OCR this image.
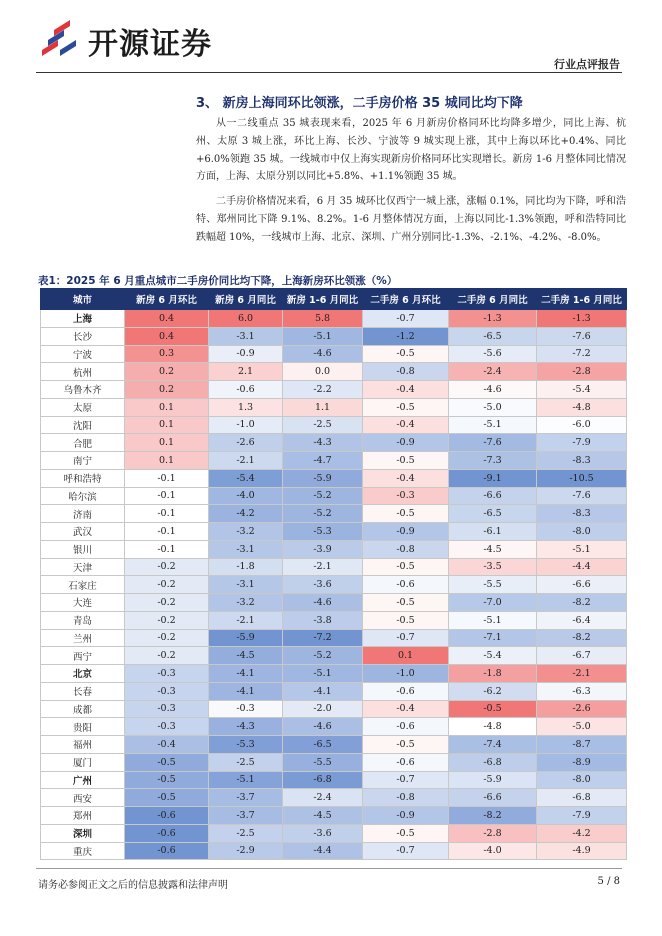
开源证券
行业点评报告
3、 新房上海同环比领涨，二手房价格 35 城同比均下降
从一二线重点 35 城表现来看，2025 年 6 月新房价格同环比均降多增少，同比上海、杭州、太原 3 城上涨，环比上海、长沙、宁波等 9 城实现上涨，其中上海以环比+0.4%、同比+6.0%领跑 35 城。一线城市中仅上海实现新房价格同环比实现增长。新房 1-6 月整体同比情况方面，上海、太原分别以同比+5.8%、+1.1%领跑 35 城。
二手房价格情况来看，6 月 35 城环比仅西宁一城上涨，涨幅 0.1%，同比均为下降，呼和浩特、郑州同比下降 9.1%、8.2%。1-6 月整体情况方面，上海以同比-1.3%领跑，呼和浩特同比跌幅超 10%，一线城市上海、北京、深圳、广州分别同比-1.3%、-2.1%、-4.2%、-8.0%。
表1：2025 年 6 月重点城市二手房价同比均下降，上海新房环比领涨（%）
城市	新房 6 月环比	新房 6 月同比	新房 1-6 月同比	二手房 6 月环比	二手房 6 月同比	二手房 1-6 月同比
上海	0.4	6.0	5.8	-0.7	-1.3	-1.3
长沙	0.4	-3.1	-5.1	-1.2	-6.5	-7.6
宁波	0.3	-0.9	-4.6	-0.5	-5.6	-7.2
杭州	0.2	2.1	0.0	-0.8	-2.4	-2.8
乌鲁木齐	0.2	-0.6	-2.2	-0.4	-4.6	-5.4
太原	0.1	1.3	1.1	-0.5	-5.0	-4.8
沈阳	0.1	-1.0	-2.5	-0.4	-5.1	-6.0
合肥	0.1	-2.6	-4.3	-0.9	-7.6	-7.9
南宁	0.1	-2.1	-4.7	-0.5	-7.3	-8.3
呼和浩特	-0.1	-5.4	-5.9	-0.4	-9.1	-10.5
哈尔滨	-0.1	-4.0	-5.2	-0.3	-6.6	-7.6
济南	-0.1	-4.2	-5.2	-0.5	-6.5	-8.3
武汉	-0.1	-3.2	-5.3	-0.9	-6.1	-8.0
银川	-0.1	-3.1	-3.9	-0.8	-4.5	-5.1
天津	-0.2	-1.8	-2.1	-0.5	-3.5	-4.4
石家庄	-0.2	-3.1	-3.6	-0.6	-5.5	-6.6
大连	-0.2	-3.2	-4.6	-0.5	-7.0	-8.2
青岛	-0.2	-2.1	-3.8	-0.5	-5.1	-6.4
兰州	-0.2	-5.9	-7.2	-0.7	-7.1	-8.2
西宁	-0.2	-4.5	-5.2	0.1	-5.4	-6.7
北京	-0.3	-4.1	-5.1	-1.0	-1.8	-2.1
长春	-0.3	-4.1	-4.1	-0.6	-6.2	-6.3
成都	-0.3	-0.3	-2.0	-0.4	-0.5	-2.6
贵阳	-0.3	-4.3	-4.6	-0.6	-4.8	-5.0
福州	-0.4	-5.3	-6.5	-0.5	-7.4	-8.7
厦门	-0.5	-2.5	-5.5	-0.6	-6.8	-8.9
广州	-0.5	-5.1	-6.8	-0.7	-5.9	-8.0
西安	-0.5	-3.7	-2.4	-0.8	-6.6	-6.8
郑州	-0.6	-3.7	-4.5	-0.9	-8.2	-7.9
深圳	-0.6	-2.5	-3.6	-0.5	-2.8	-4.2
重庆	-0.6	-2.9	-4.4	-0.7	-4.0	-4.9
请务必参阅正文之后的信息披露和法律声明	5 / 8
